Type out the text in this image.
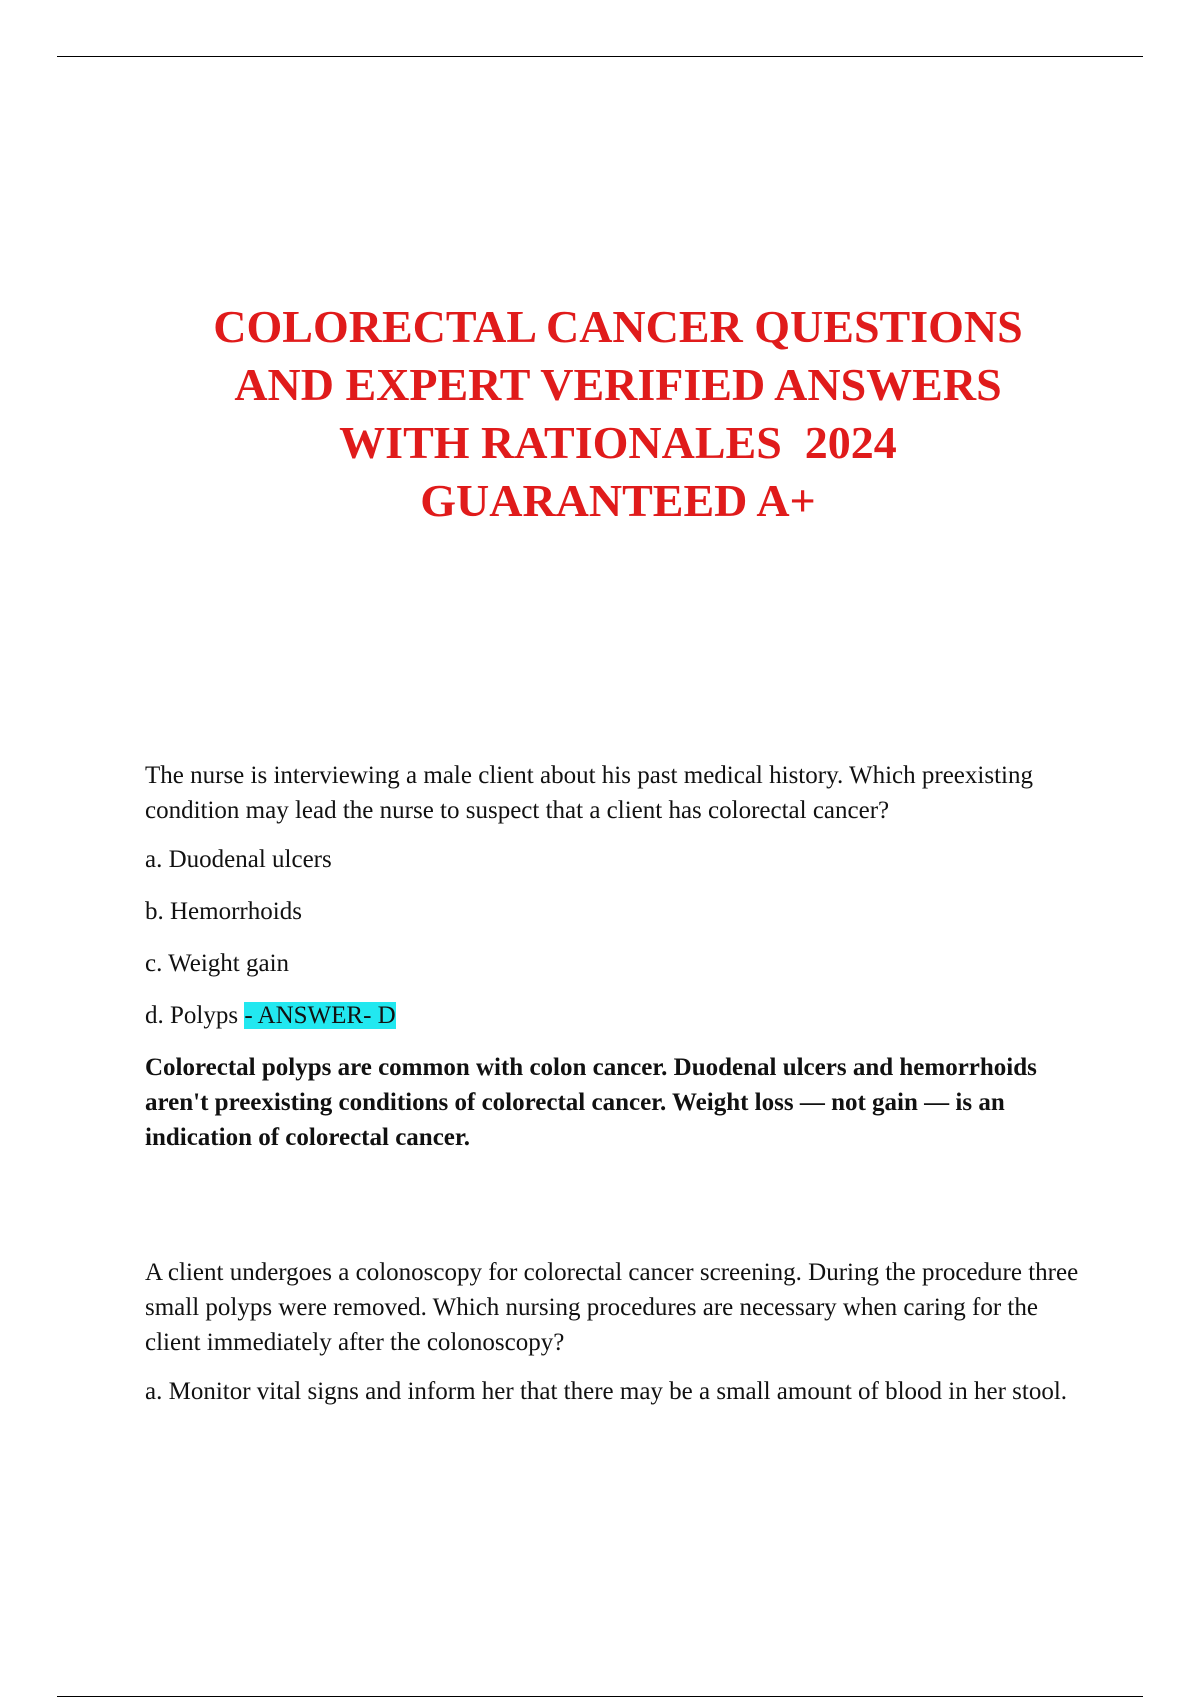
COLORECTAL CANCER QUESTIONS
AND EXPERT VERIFIED ANSWERS
WITH RATIONALES  2024
GUARANTEED A+

The nurse is interviewing a male client about his past medical history. Which preexisting condition may lead the nurse to suspect that a client has colorectal cancer?

a. Duodenal ulcers

b. Hemorrhoids

c. Weight gain

d. Polyps - ANSWER- D

Colorectal polyps are common with colon cancer. Duodenal ulcers and hemorrhoids aren't preexisting conditions of colorectal cancer. Weight loss — not gain — is an indication of colorectal cancer.

A client undergoes a colonoscopy for colorectal cancer screening. During the procedure three small polyps were removed. Which nursing procedures are necessary when caring for the client immediately after the colonoscopy?

a. Monitor vital signs and inform her that there may be a small amount of blood in her stool.
